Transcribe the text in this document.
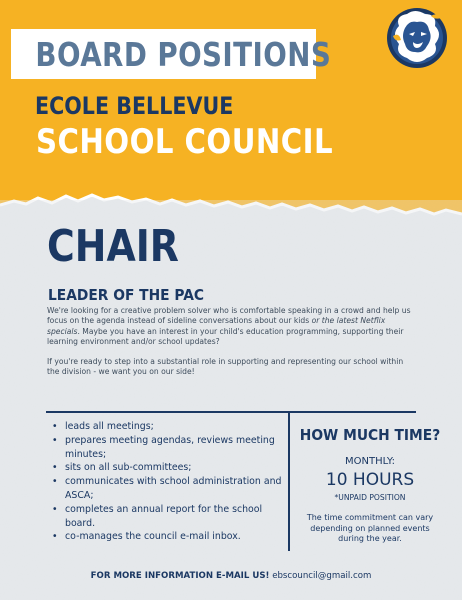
BOARD POSITIONS
ECOLE BELLEVUE
SCHOOL COUNCIL
CHAIR
LEADER OF THE PAC

We're looking for a creative problem solver who is comfortable speaking in a crowd and help us focus on the agenda instead of sideline conversations about our kids or the latest Netflix specials. Maybe you have an interest in your child's education programming, supporting their learning environment and/or school updates?

If you're ready to step into a substantial role in supporting and representing our school within the division - we want you on our side!

• leads all meetings;
• prepares meeting agendas, reviews meeting minutes;
• sits on all sub-committees;
• communicates with school administration and ASCA;
• completes an annual report for the school board.
• co-manages the council e-mail inbox.
HOW MUCH TIME?
MONTHLY:
10 HOURS
*UNPAID POSITION
The time commitment can vary depending on planned events during the year.
FOR MORE INFORMATION E-MAIL US! ebscouncil@gmail.com
